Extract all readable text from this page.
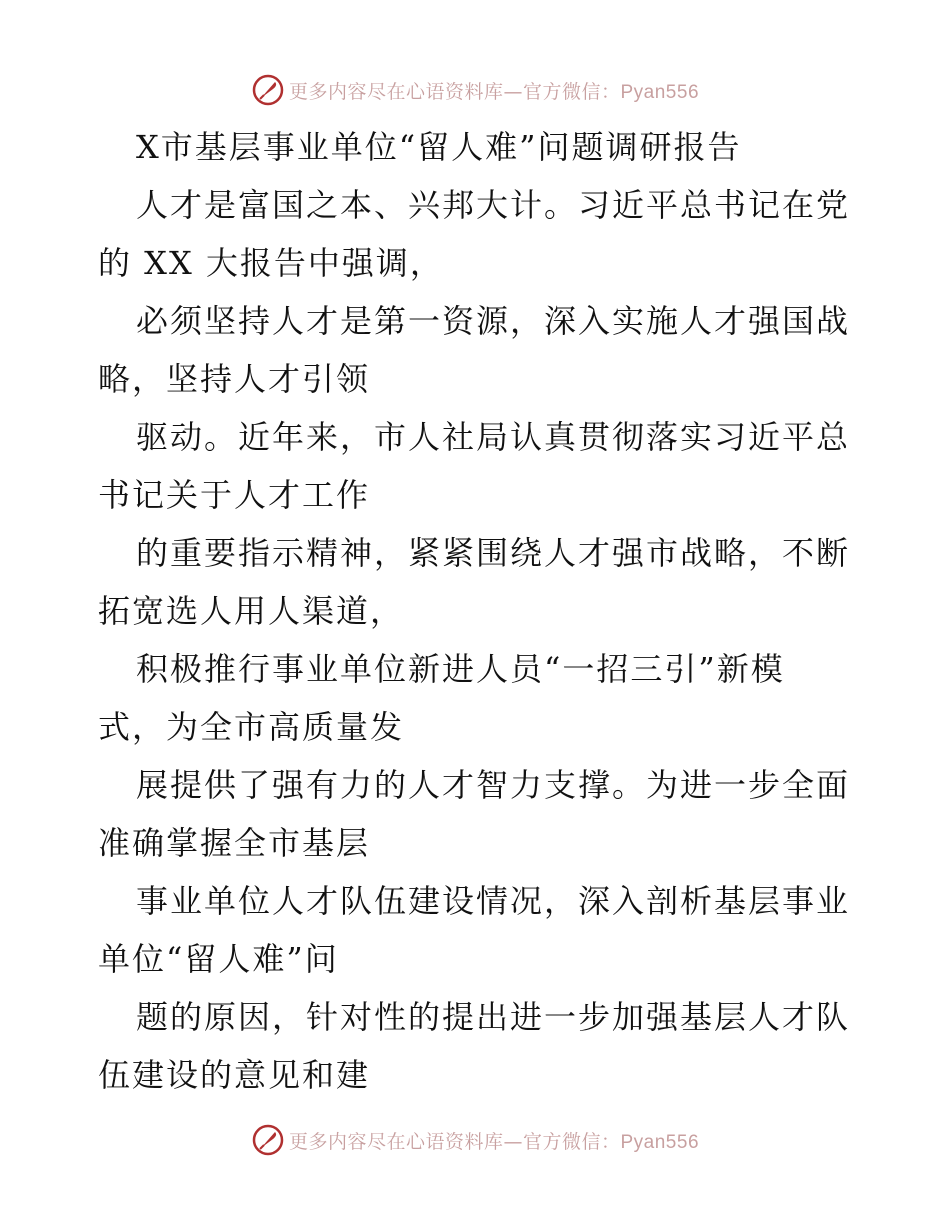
更多内容尽在心语资料库—官方微信：Pyan556
X市基层事业单位“留人难”问题调研报告
人才是富国之本、兴邦大计。习近平总书记在党
的 XX 大报告中强调，
必须坚持人才是第一资源，深入实施人才强国战
略，坚持人才引领
驱动。近年来，市人社局认真贯彻落实习近平总
书记关于人才工作
的重要指示精神，紧紧围绕人才强市战略，不断
拓宽选人用人渠道，
积极推行事业单位新进人员“一招三引”新模
式，为全市高质量发
展提供了强有力的人才智力支撑。为进一步全面
准确掌握全市基层
事业单位人才队伍建设情况，深入剖析基层事业
单位“留人难”问
题的原因，针对性的提出进一步加强基层人才队
伍建设的意见和建
更多内容尽在心语资料库—官方微信：Pyan556
